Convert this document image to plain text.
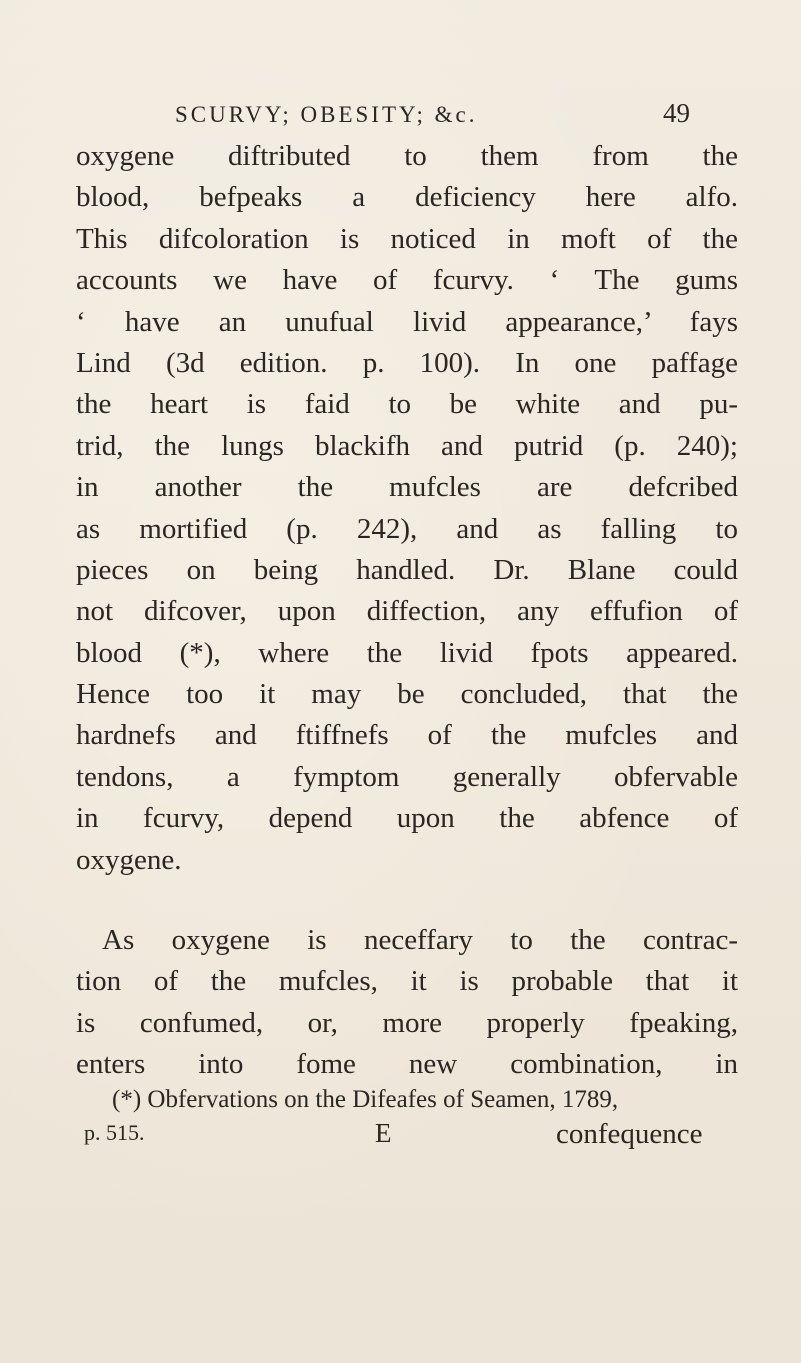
SCURVY; OBESITY; &c.	49
oxygene diftributed to them from the
blood, befpeaks a deficiency here alfo.
This difcoloration is noticed in moft of the
accounts we have of fcurvy. ‘ The gums
‘ have an unufual livid appearance,’ fays
Lind (3d edition. p. 100). In one paffage
the heart is faid to be white and pu-
trid, the lungs blackifh and putrid (p. 240);
in another the mufcles are defcribed
as mortified (p. 242), and as falling to
pieces on being handled. Dr. Blane could
not difcover, upon diffection, any effufion of
blood (*), where the livid fpots appeared.
Hence too it may be concluded, that the
hardnefs and ftiffnefs of the mufcles and
tendons, a fymptom generally obfervable
in fcurvy, depend upon the abfence of
oxygene.
As oxygene is neceffary to the contrac-
tion of the mufcles, it is probable that it
is confumed, or, more properly fpeaking,
enters into fome new combination, in
(*) Obfervations on the Difeafes of Seamen, 1789,
p. 515.	E	confequence
